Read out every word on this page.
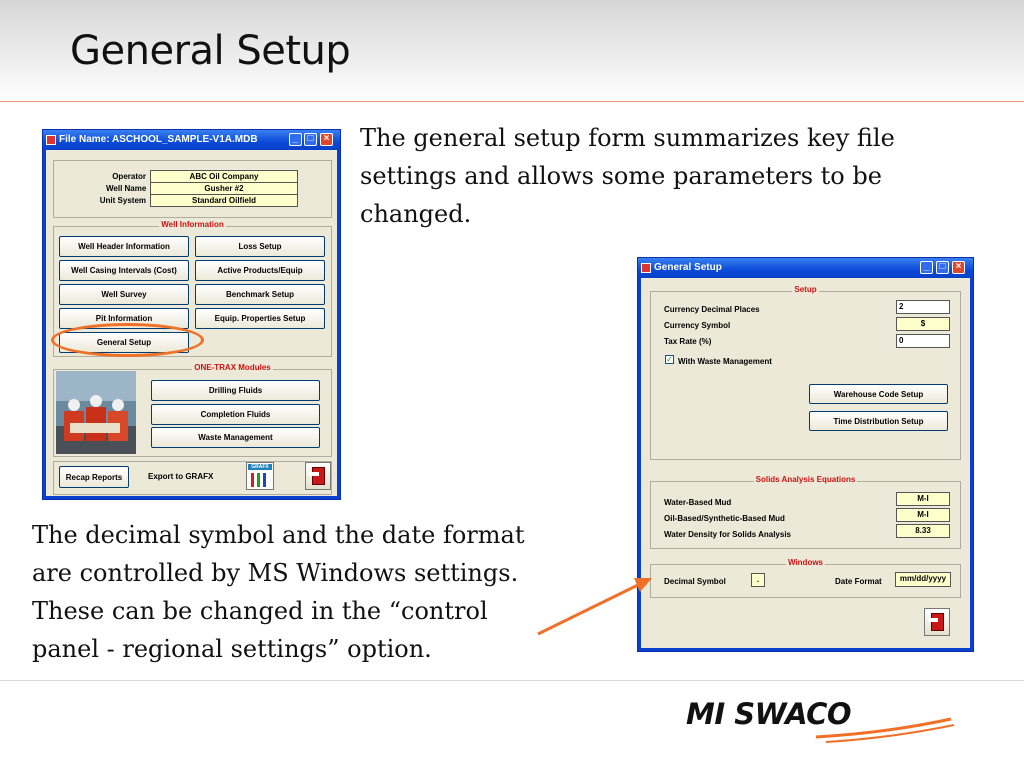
General Setup
The general setup form summarizes key file
settings and allows some parameters to be
changed.
The decimal symbol and the date format
are controlled by MS Windows settings.
These can be changed in the “control
panel - regional settings” option.
File Name: ASCHOOL_SAMPLE-V1A.MDB	_ □ ×
Operator	ABC Oil Company
Well Name	Gusher #2
Unit System	Standard Oilfield
Well Information
Well Header Information	Loss Setup
Well Casing Intervals (Cost)	Active Products/Equip
Well Survey	Benchmark Setup
Pit Information	Equip. Properties Setup
General Setup
ONE-TRAX Modules
Drilling Fluids
Completion Fluids
Waste Management
Recap Reports	Export to GRAFX
GRAFX
General Setup	_ □ ×
Setup
Currency Decimal Places	2
Currency Symbol	$
Tax Rate (%)	0
✓ With Waste Management
Warehouse Code Setup
Time Distribution Setup
Solids Analysis Equations
Water-Based Mud	M-I
Oil-Based/Synthetic-Based Mud	M-I
Water Density for Solids Analysis	8.33
Windows
Decimal Symbol	.	Date Format	mm/dd/yyyy
MI SWACO
